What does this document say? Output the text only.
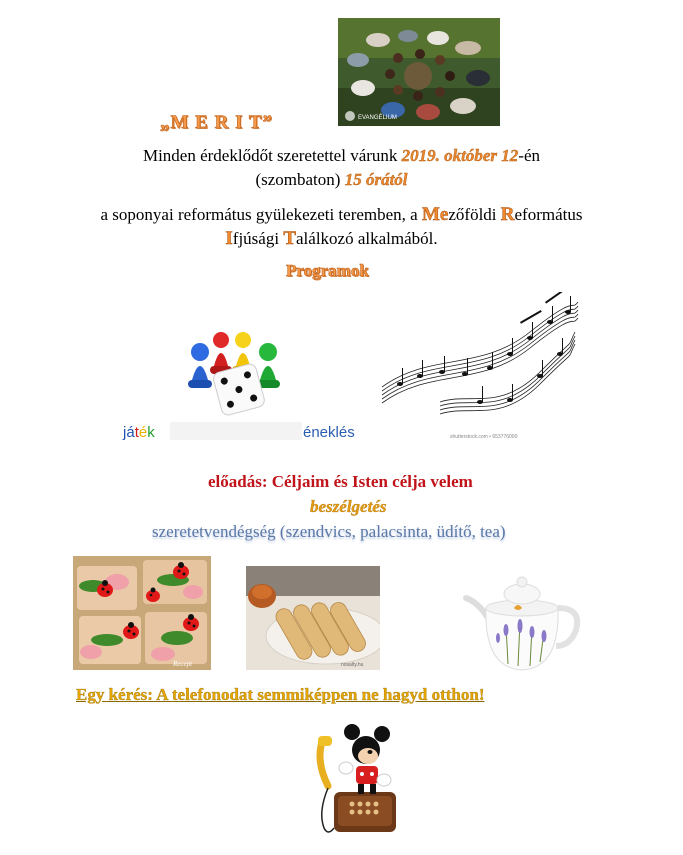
EVANGÉLIUM
„M E R I T”
Minden érdeklődőt szeretettel várunk 2019. október 12-én
(szombaton) 15 órától
a soponyai református gyülekezeti teremben, a Mezőföldi Református
Ifjúsági Találkozó alkalmából.
Programok
játék	éneklés	shutterstock.com • 653776000
előadás: Céljaim és Isten célja velem
beszélgetés
szeretetvendégség (szendvics, palacsinta, üdítő, tea)
Recept	nosalty.hu
Egy kérés: A telefonodat semmiképpen ne hagyd otthon!
